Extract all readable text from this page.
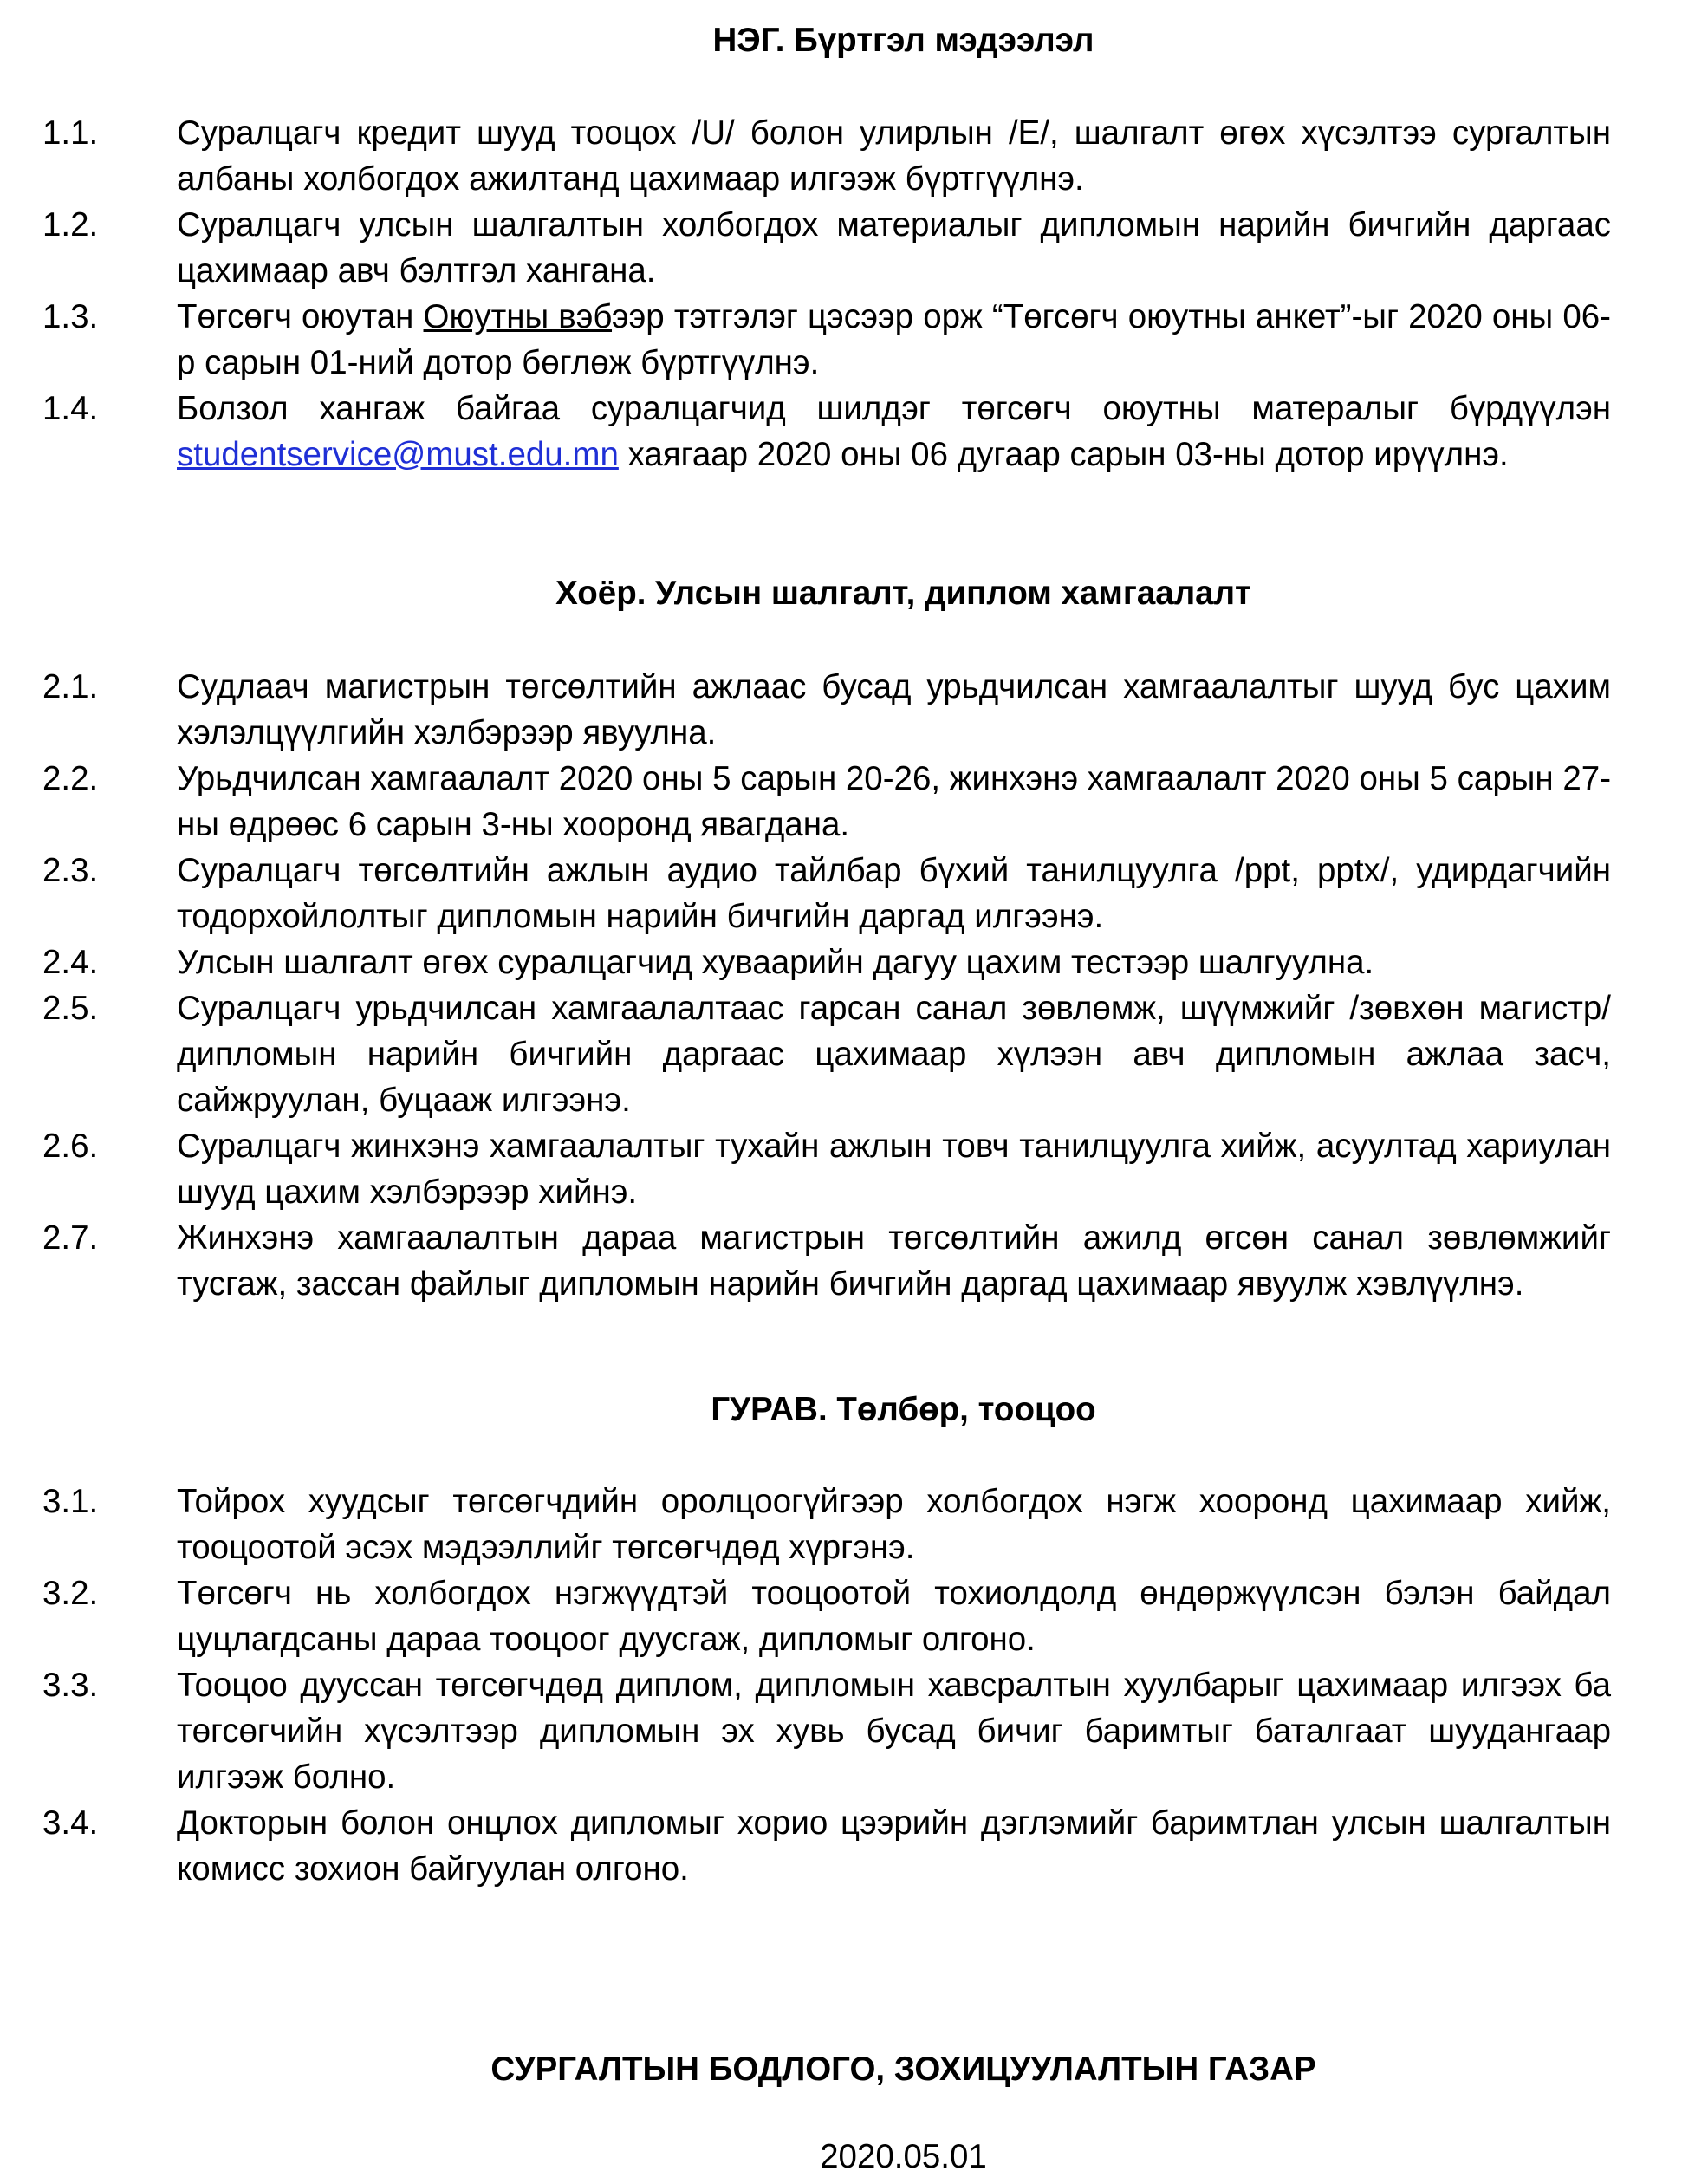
НЭГ. Бүртгэл мэдээлэл
1.1. Суралцагч кредит шууд тооцох /U/ болон улирлын /E/, шалгалт өгөх хүсэлтээ сургалтын албаны холбогдох ажилтанд цахимаар илгээж бүртгүүлнэ.
1.2. Суралцагч улсын шалгалтын холбогдох материалыг дипломын нарийн бичгийн даргаас цахимаар авч бэлтгэл хангана.
1.3. Төгсөгч оюутан Оюутны вэбээр тэтгэлэг цэсээр орж “Төгсөгч оюутны анкет”-ыг 2020 оны 06-р сарын 01-ний дотор бөглөж бүртгүүлнэ.
1.4. Болзол хангаж байгаа суралцагчид шилдэг төгсөгч оюутны матералыг бүрдүүлэн studentservice@must.edu.mn хаягаар 2020 оны 06 дугаар сарын 03-ны дотор ирүүлнэ.
Хоёр. Улсын шалгалт, диплом хамгаалалт
2.1. Судлаач магистрын төгсөлтийн ажлаас бусад урьдчилсан хамгаалалтыг шууд бус цахим хэлэлцүүлгийн хэлбэрээр явуулна.
2.2. Урьдчилсан хамгаалалт 2020 оны 5 сарын 20-26, жинхэнэ хамгаалалт 2020 оны 5 сарын 27-ны өдрөөс 6 сарын 3-ны хооронд явагдана.
2.3. Суралцагч төгсөлтийн ажлын аудио тайлбар бүхий танилцуулга /ppt, pptx/, удирдагчийн тодорхойлолтыг дипломын нарийн бичгийн даргад илгээнэ.
2.4. Улсын шалгалт өгөх суралцагчид хуваарийн дагуу цахим тестээр шалгуулна.
2.5. Суралцагч урьдчилсан хамгаалалтаас гарсан санал зөвлөмж, шүүмжийг /зөвхөн магистр/ дипломын нарийн бичгийн даргаас цахимаар хүлээн авч дипломын ажлаа засч, сайжруулан, буцааж илгээнэ.
2.6. Суралцагч жинхэнэ хамгаалалтыг тухайн ажлын товч танилцуулга хийж, асуултад хариулан шууд цахим хэлбэрээр хийнэ.
2.7. Жинхэнэ хамгаалалтын дараа магистрын төгсөлтийн ажилд өгсөн санал зөвлөмжийг тусгаж, зассан файлыг дипломын нарийн бичгийн даргад цахимаар явуулж хэвлүүлнэ.
ГУРАВ. Төлбөр, тооцоо
3.1. Тойрох хуудсыг төгсөгчдийн оролцоогүйгээр холбогдох нэгж хооронд цахимаар хийж, тооцоотой эсэх мэдээллийг төгсөгчдөд хүргэнэ.
3.2. Төгсөгч нь холбогдох нэгжүүдтэй тооцоотой тохиолдолд өндөржүүлсэн бэлэн байдал цуцлагдсаны дараа тооцоог дуусгаж, дипломыг олгоно.
3.3. Тооцоо дууссан төгсөгчдөд диплом, дипломын хавсралтын хуулбарыг цахимаар илгээх ба төгсөгчийн хүсэлтээр дипломын эх хувь бусад бичиг баримтыг баталгаат шуудангаар илгээж болно.
3.4. Докторын болон онцлох дипломыг хорио цээрийн дэглэмийг баримтлан улсын шалгалтын комисс зохион байгуулан олгоно.
СУРГАЛТЫН БОДЛОГО, ЗОХИЦУУЛАЛТЫН ГАЗАР
2020.05.01
